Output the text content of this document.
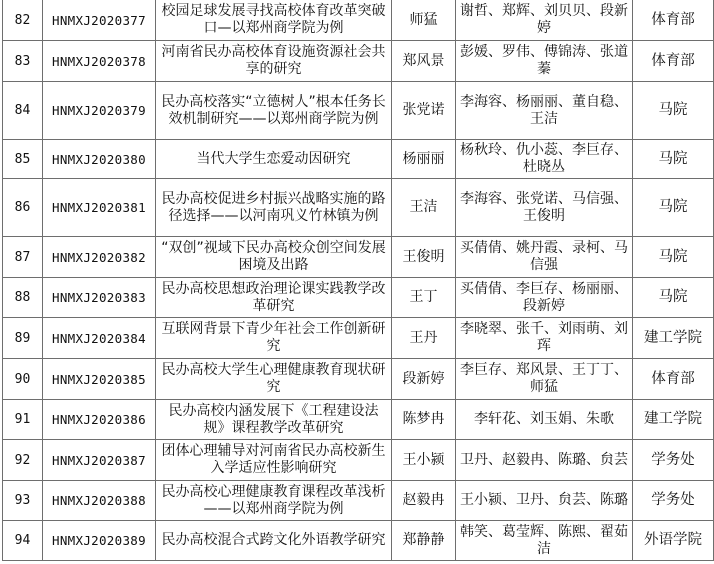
82	HNMXJ2020377	校园足球发展寻找高校体育改革突破口—以郑州商学院为例	师猛	谢哲、郑辉、刘贝贝、段新婷	体育部
83	HNMXJ2020378	河南省民办高校体育设施资源社会共享的研究	郑风景	彭媛、罗伟、傅锦涛、张道蓁	体育部
84	HNMXJ2020379	民办高校落实“立德树人”根本任务长效机制研究——以郑州商学院为例	张党诺	李海容、杨丽丽、董自稳、王洁	马院
85	HNMXJ2020380	当代大学生恋爱动因研究	杨丽丽	杨秋玲、仇小蕊、李巨存、杜晓丛	马院
86	HNMXJ2020381	民办高校促进乡村振兴战略实施的路径选择——以河南巩义竹林镇为例	王洁	李海容、张党诺、马信强、王俊明	马院
87	HNMXJ2020382	“双创”视域下民办高校众创空间发展困境及出路	王俊明	买倩倩、姚丹霞、录柯、马信强	马院
88	HNMXJ2020383	民办高校思想政治理论课实践教学改革研究	王丁	买倩倩、李巨存、杨丽丽、段新婷	马院
89	HNMXJ2020384	互联网背景下青少年社会工作创新研究	王丹	李晓翠、张千、刘雨萌、刘珲	建工学院
90	HNMXJ2020385	民办高校大学生心理健康教育现状研究	段新婷	李巨存、郑风景、王丁丁、师猛	体育部
91	HNMXJ2020386	民办高校内涵发展下《工程建设法规》课程教学改革研究	陈梦冉	李轩花、刘玉娟、朱歌	建工学院
92	HNMXJ2020387	团体心理辅导对河南省民办高校新生入学适应性影响研究	王小颍	卫丹、赵毅冉、陈璐、贠芸	学务处
93	HNMXJ2020388	民办高校心理健康教育课程改革浅析——以郑州商学院为例	赵毅冉	王小颍、卫丹、贠芸、陈璐	学务处
94	HNMXJ2020389	民办高校混合式跨文化外语教学研究	郑静静	韩笑、葛莹辉、陈熙、翟茹洁	外语学院
